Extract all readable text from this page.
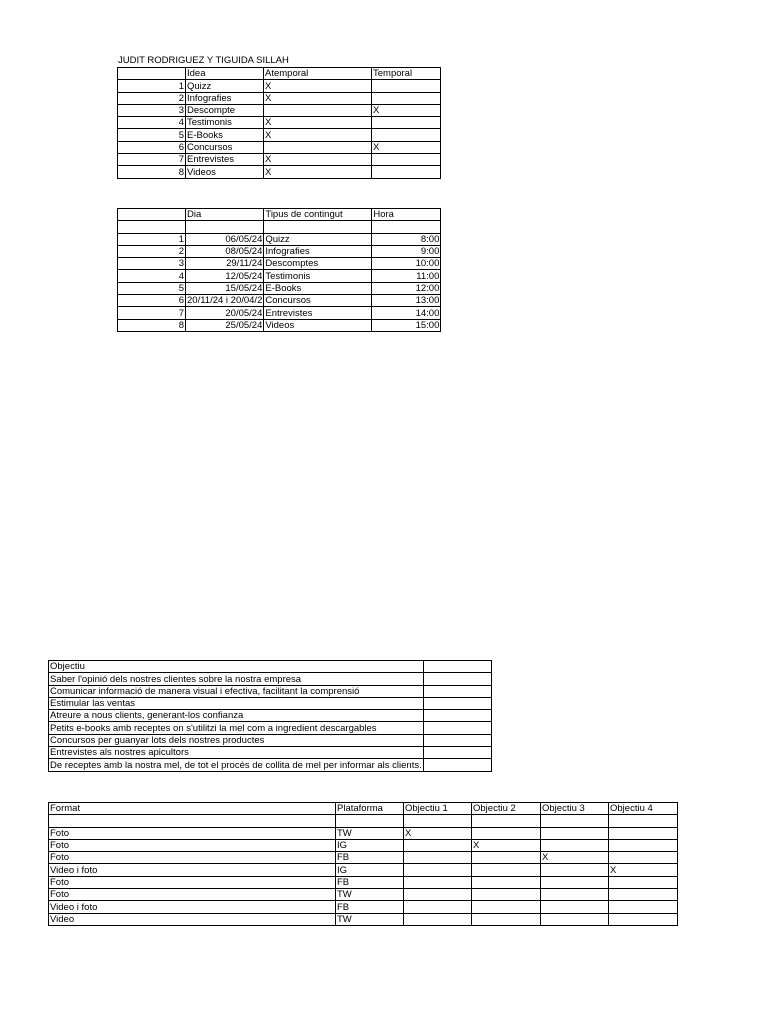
JUDIT RODRIGUEZ Y TIGUIDA SILLAH
	Idea	Atemporal	Temporal
1	Quizz	X	
2	Infografies	X	
3	Descompte		X
4	Testimonis	X	
5	E-Books	X	
6	Concursos		X
7	Entrevistes	X	
8	Videos	X	
	Dia	Tipus de contingut	Hora

1	06/05/24	Quizz	8:00
2	08/05/24	Infografies	9:00
3	29/11/24	Descomptes	10:00
4	12/05/24	Testimonis	11:00
5	15/05/24	E-Books	12:00
6	20/11/24 i 20/04/2	Concursos	13:00
7	20/05/24	Entrevistes	14:00
8	25/05/24	Videos	15:00
Objectiu	
Saber l'opinió dels nostres clientes sobre la nostra empresa	
Comunicar informació de manera visual i efectiva, facilitant la comprensió	
Estimular las ventas	
Atreure a nous clients, generant-los confianza	
Petits e-books amb receptes on s'utilitzi la mel com a ingredient descargables	
Concursos per guanyar lots dels nostres productes	
Entrevistes als nostres apicultors	
De receptes amb la nostra mel, de tot el procés de collita de mel per informar als clients.	
Format	Plataforma	Objectiu 1	Objectiu 2	Objectiu 3	Objectiu 4

Foto	TW	X			
Foto	IG		X		
Foto	FB			X	
Video i foto	IG				X
Foto	FB				
Foto	TW				
Video i foto	FB				
Video	TW				
